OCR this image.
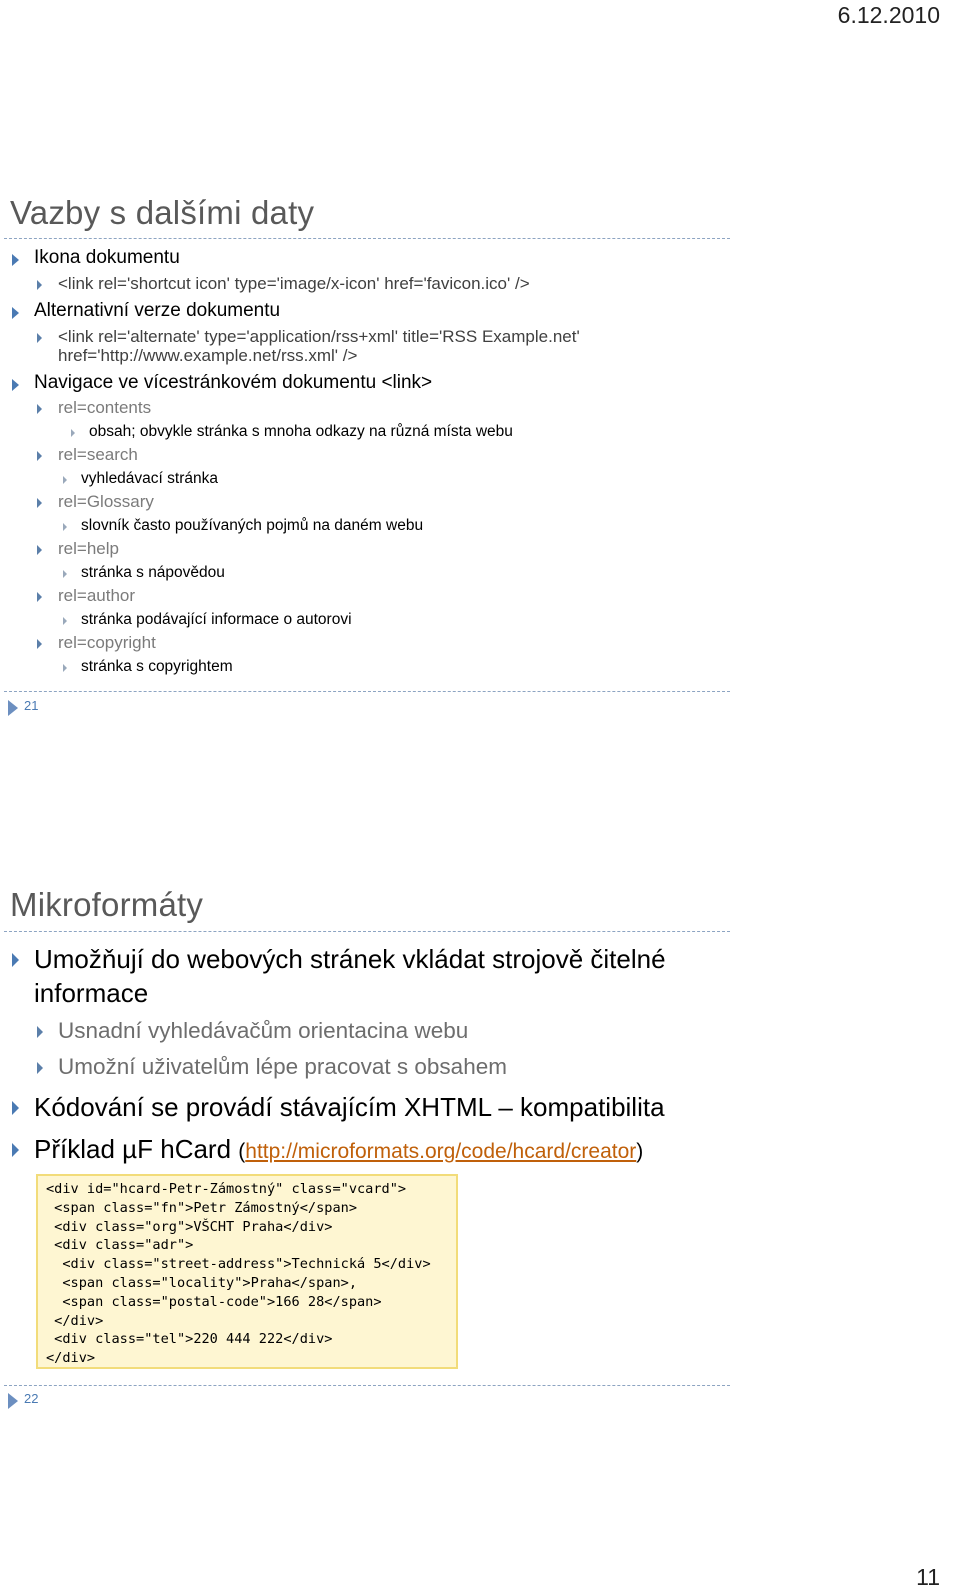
6.12.2010
Vazby s dalšími daty
Ikona dokumentu
<link rel='shortcut icon' type='image/x-icon' href='favicon.ico' />
Alternativní verze dokumentu
<link rel='alternate' type='application/rss+xml' title='RSS Example.net'
href='http://www.example.net/rss.xml' />
Navigace ve vícestránkovém dokumentu <link>
rel=contents
obsah; obvykle stránka s mnoha odkazy na různá místa webu
rel=search
vyhledávací stránka
rel=Glossary
slovník často používaných pojmů na daném webu
rel=help
stránka s nápovědou
rel=author
stránka podávající informace o autorovi
rel=copyright
stránka s copyrightem
21
Mikroformáty
Umožňují do webových stránek vkládat strojově čitelné
informace
Usnadní vyhledávačům orientacina webu
Umožní uživatelům lépe pracovat s obsahem
Kódování se provádí stávajícím XHTML – kompatibilita
Příklad µF hCard (http://microformats.org/code/hcard/creator)
<div id="hcard-Petr-Zámostný" class="vcard">
<span class="fn">Petr Zámostný</span>
<div class="org">VŠCHT Praha</div>
<div class="adr">
<div class="street-address">Technická 5</div>
<span class="locality">Praha</span>,
<span class="postal-code">166 28</span>
</div>
<div class="tel">220 444 222</div>
</div>
22
11
